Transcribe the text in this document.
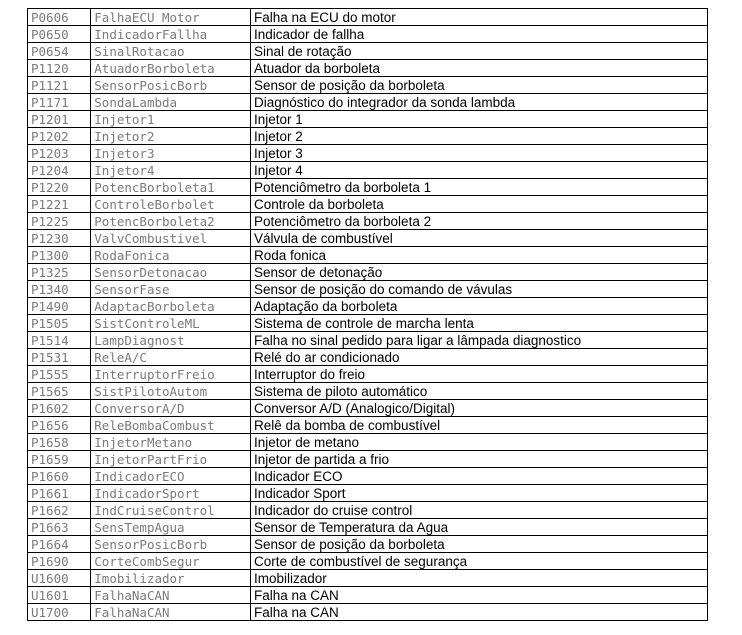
P0606	FalhaECU Motor	Falha na ECU do motor
P0650	IndicadorFallha	Indicador de fallha
P0654	SinalRotacao	Sinal de rotação
P1120	AtuadorBorboleta	Atuador da borboleta
P1121	SensorPosicBorb	Sensor de posição da borboleta
P1171	SondaLambda	Diagnóstico do integrador da sonda lambda
P1201	Injetor1	Injetor 1
P1202	Injetor2	Injetor 2
P1203	Injetor3	Injetor 3
P1204	Injetor4	Injetor 4
P1220	PotencBorboleta1	Potenciômetro da borboleta 1
P1221	ControleBorbolet	Controle da borboleta
P1225	PotencBorboleta2	Potenciômetro da borboleta 2
P1230	ValvCombustivel	Válvula de combustível
P1300	RodaFonica	Roda fonica
P1325	SensorDetonacao	Sensor de detonação
P1340	SensorFase	Sensor de posição do comando de vávulas
P1490	AdaptacBorboleta	Adaptação da borboleta
P1505	SistControleML	Sistema de controle de marcha lenta
P1514	LampDiagnost	Falha no sinal pedido para ligar a lâmpada diagnostico
P1531	ReleA/C	Relé do ar condicionado
P1555	InterruptorFreio	Interruptor do freio
P1565	SistPilotoAutom	Sistema de piloto automático
P1602	ConversorA/D	Conversor A/D (Analogico/Digital)
P1656	ReleBombaCombust	Relê da bomba de combustível
P1658	InjetorMetano	Injetor de metano
P1659	InjetorPartFrio	Injetor de partida a frio
P1660	IndicadorECO	Indicador ECO
P1661	IndicadorSport	Indicador Sport
P1662	IndCruiseControl	Indicador do cruise control
P1663	SensTempAgua	Sensor de Temperatura da Agua
P1664	SensorPosicBorb	Sensor de posição da borboleta
P1690	CorteCombSegur	Corte de combustível de segurança
U1600	Imobilizador	Imobilizador
U1601	FalhaNaCAN	Falha na CAN
U1700	FalhaNaCAN	Falha na CAN
